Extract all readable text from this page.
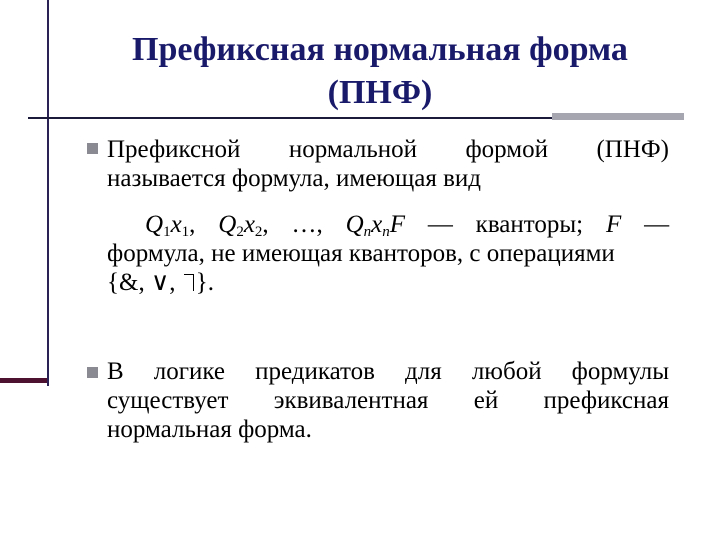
Префиксная нормальная форма
(ПНФ)
Префиксной нормальной формой (ПНФ)
называется формула, имеющая вид
$Q_1x_1$, $Q_2x_2$, …, $Q_nx_nF$ — кванторы; F —
формула, не имеющая кванторов, с операциями
{&, ∨, }.
В логике предикатов для любой формулы
существует эквивалентная ей префиксная
нормальная форма.
